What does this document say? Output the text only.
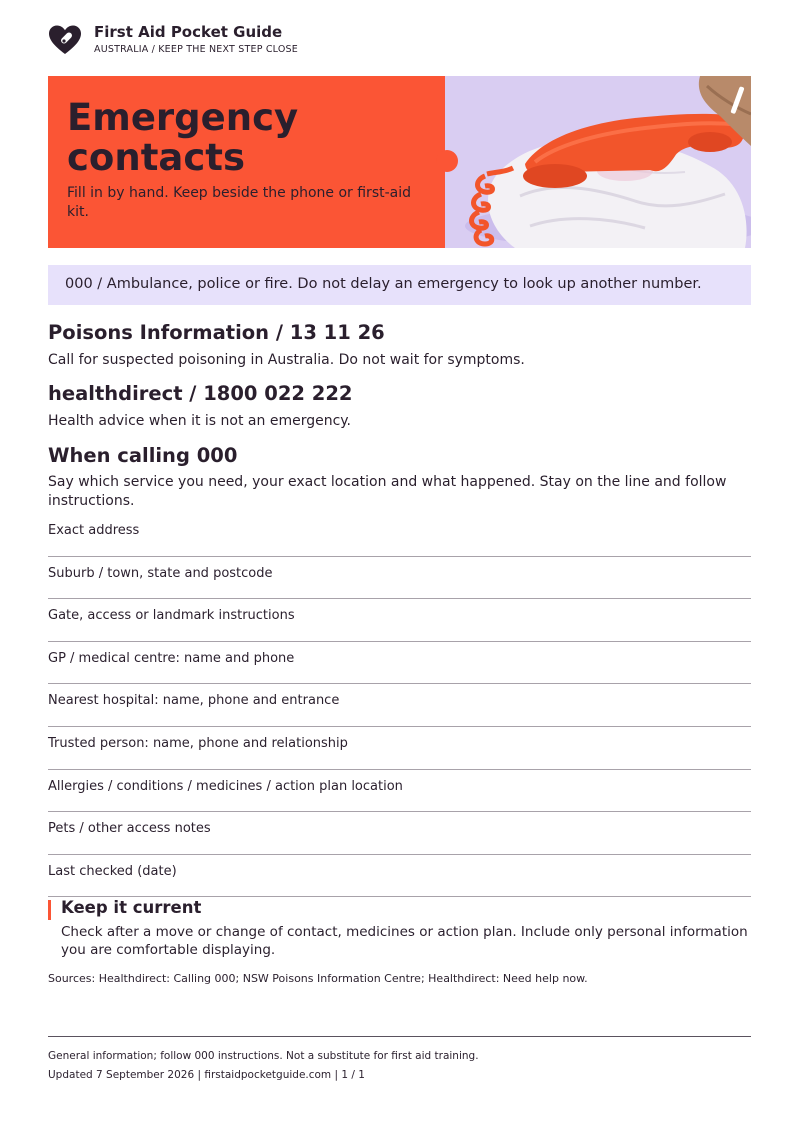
First Aid Pocket Guide
AUSTRALIA / KEEP THE NEXT STEP CLOSE
Emergency
contacts
Fill in by hand. Keep beside the phone or first-aid kit.
000 / Ambulance, police or fire. Do not delay an emergency to look up another number.
Poisons Information / 13 11 26
Call for suspected poisoning in Australia. Do not wait for symptoms.
healthdirect / 1800 022 222
Health advice when it is not an emergency.
When calling 000
Say which service you need, your exact location and what happened. Stay on the line and follow instructions.
Exact address
Suburb / town, state and postcode
Gate, access or landmark instructions
GP / medical centre: name and phone
Nearest hospital: name, phone and entrance
Trusted person: name, phone and relationship
Allergies / conditions / medicines / action plan location
Pets / other access notes
Last checked (date)
Keep it current
Check after a move or change of contact, medicines or action plan. Include only personal information you are comfortable displaying.
Sources: Healthdirect: Calling 000; NSW Poisons Information Centre; Healthdirect: Need help now.
General information; follow 000 instructions. Not a substitute for first aid training.
Updated 7 September 2026 | firstaidpocketguide.com | 1 / 1
